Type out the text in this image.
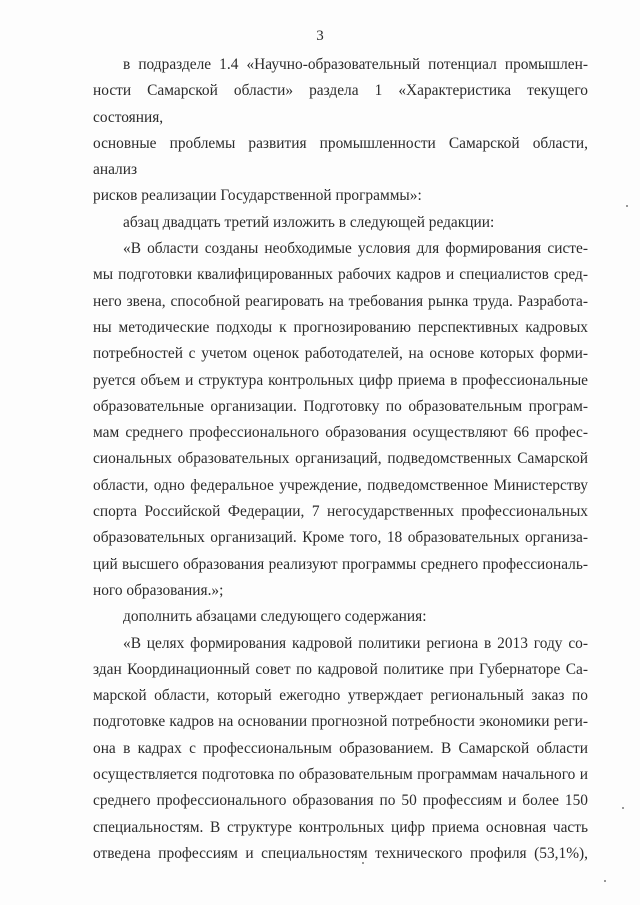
3

в подразделе 1.4 «Научно-образовательный потенциал промышлен-

ности Самарской области» раздела 1 «Характеристика текущего состояния,

основные проблемы развития промышленности Самарской области, анализ

рисков реализации Государственной программы»:

абзац двадцать третий изложить в следующей редакции:

«В области созданы необходимые условия для формирования систе-

мы подготовки квалифицированных рабочих кадров и специалистов сред-

него звена, способной реагировать на требования рынка труда. Разработа-

ны методические подходы к прогнозированию перспективных кадровых

потребностей с учетом оценок работодателей, на основе которых форми-

руется объем и структура контрольных цифр приема в профессиональные

образовательные организации. Подготовку по образовательным програм-

мам среднего профессионального образования осуществляют 66 профес-

сиональных образовательных организаций, подведомственных Самарской

области, одно федеральное учреждение, подведомственное Министерству

спорта Российской Федерации, 7 негосударственных профессиональных

образовательных организаций. Кроме того, 18 образовательных организа-

ций высшего образования реализуют программы среднего профессиональ-

ного образования.»;

дополнить абзацами следующего содержания:

«В целях формирования кадровой политики региона в 2013 году со-

здан Координационный совет по кадровой политике при Губернаторе Са-

марской области, который ежегодно утверждает региональный заказ по

подготовке кадров на основании прогнозной потребности экономики реги-

она в кадрах с профессиональным образованием. В Самарской области

осуществляется подготовка по образовательным программам начального и

среднего профессионального образования по 50 профессиям и более 150

специальностям. В структуре контрольных цифр приема основная часть

отведена профессиям и специальностям технического профиля (53,1%),
